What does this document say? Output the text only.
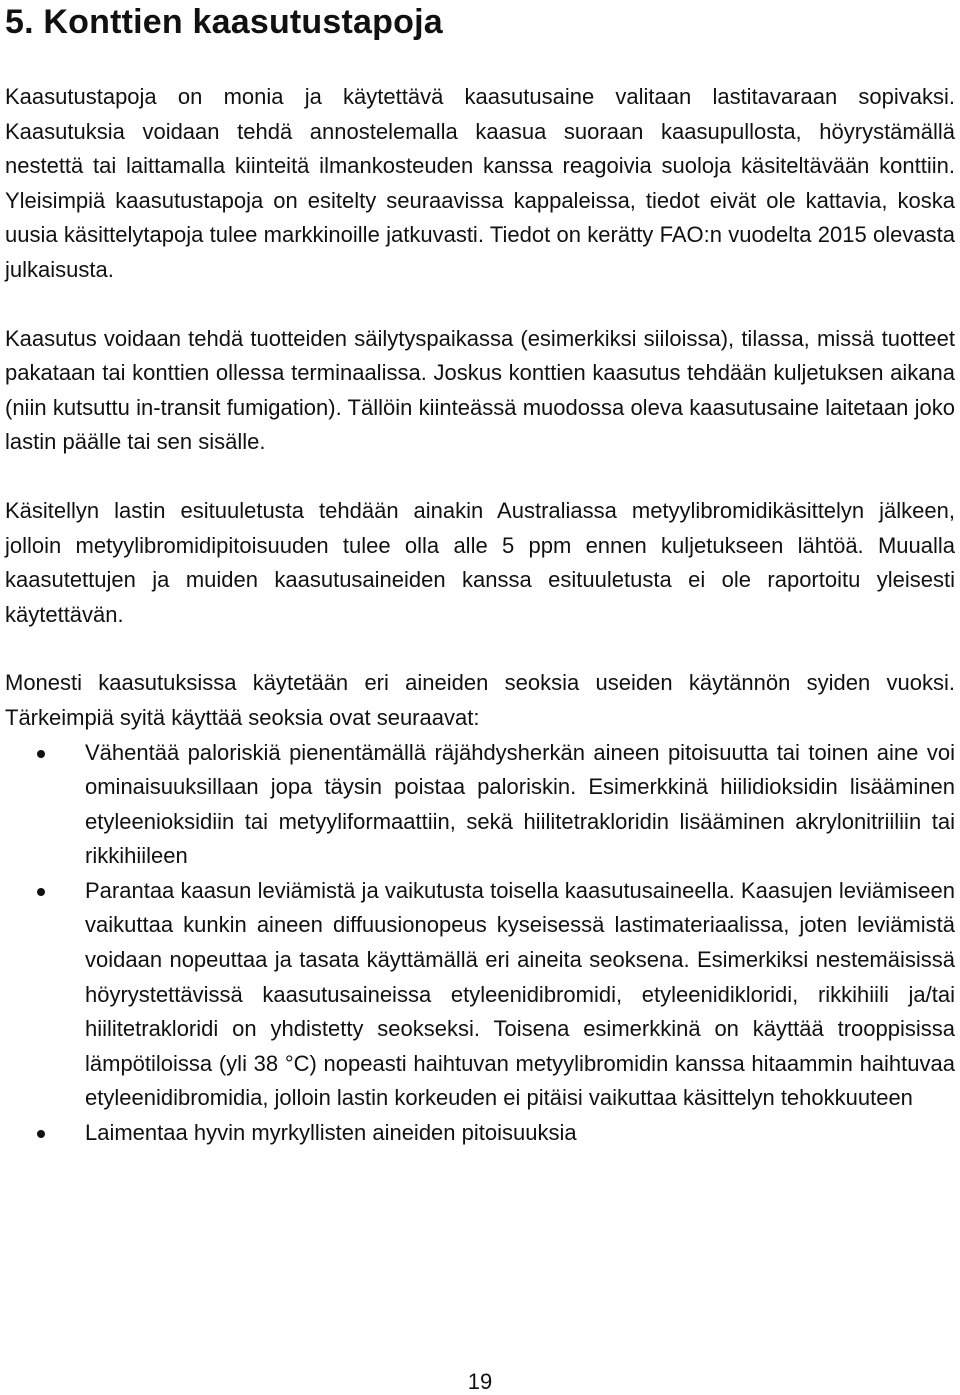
5. Konttien kaasutustapoja

Kaasutustapoja on monia ja käytettävä kaasutusaine valitaan lastitavaraan sopivaksi. Kaasutuksia voidaan tehdä annostelemalla kaasua suoraan kaasupullosta, höyrystämällä nestettä tai laittamalla kiinteitä ilmankosteuden kanssa reagoivia suoloja käsiteltävään konttiin. Yleisimpiä kaasutustapoja on esitelty seuraavissa kappaleissa, tiedot eivät ole kattavia, koska uusia käsittelytapoja tulee markkinoille jatkuvasti. Tiedot on kerätty FAO:n vuodelta 2015 olevasta julkaisusta.

Kaasutus voidaan tehdä tuotteiden säilytyspaikassa (esimerkiksi siiloissa), tilassa, missä tuotteet pakataan tai konttien ollessa terminaalissa. Joskus konttien kaasutus tehdään kuljetuksen aikana (niin kutsuttu in-transit fumigation). Tällöin kiinteässä muodossa oleva kaasutusaine laitetaan joko lastin päälle tai sen sisälle.

Käsitellyn lastin esituuletusta tehdään ainakin Australiassa metyylibromidikäsittelyn jälkeen, jolloin metyylibromidipitoisuuden tulee olla alle 5 ppm ennen kuljetukseen lähtöä. Muualla kaasutettujen ja muiden kaasutusaineiden kanssa esituuletusta ei ole raportoitu yleisesti käytettävän.

Monesti kaasutuksissa käytetään eri aineiden seoksia useiden käytännön syiden vuoksi. Tärkeimpiä syitä käyttää seoksia ovat seuraavat:

Vähentää paloriskiä pienentämällä räjähdysherkän aineen pitoisuutta tai toinen aine voi ominaisuuksillaan jopa täysin poistaa paloriskin. Esimerkkinä hiilidioksidin lisääminen etyleenioksidiin tai metyyliformaattiin, sekä hiilitetrakloridin lisääminen akrylonitriiliin tai rikkihiileen
Parantaa kaasun leviämistä ja vaikutusta toisella kaasutusaineella. Kaasujen leviämiseen vaikuttaa kunkin aineen diffuusionopeus kyseisessä lastimateriaalissa, joten leviämistä voidaan nopeuttaa ja tasata käyttämällä eri aineita seoksena. Esimerkiksi nestemäisissä höyrystettävissä kaasutusaineissa etyleenidibromidi, etyleenidikloridi, rikkihiili ja/tai hiilitetrakloridi on yhdistetty seokseksi. Toisena esimerkkinä on käyttää trooppisissa lämpötiloissa (yli 38 °C) nopeasti haihtuvan metyylibromidin kanssa hitaammin haihtuvaa etyleenidibromidia, jolloin lastin korkeuden ei pitäisi vaikuttaa käsittelyn tehokkuuteen
Laimentaa hyvin myrkyllisten aineiden pitoisuuksia
19
